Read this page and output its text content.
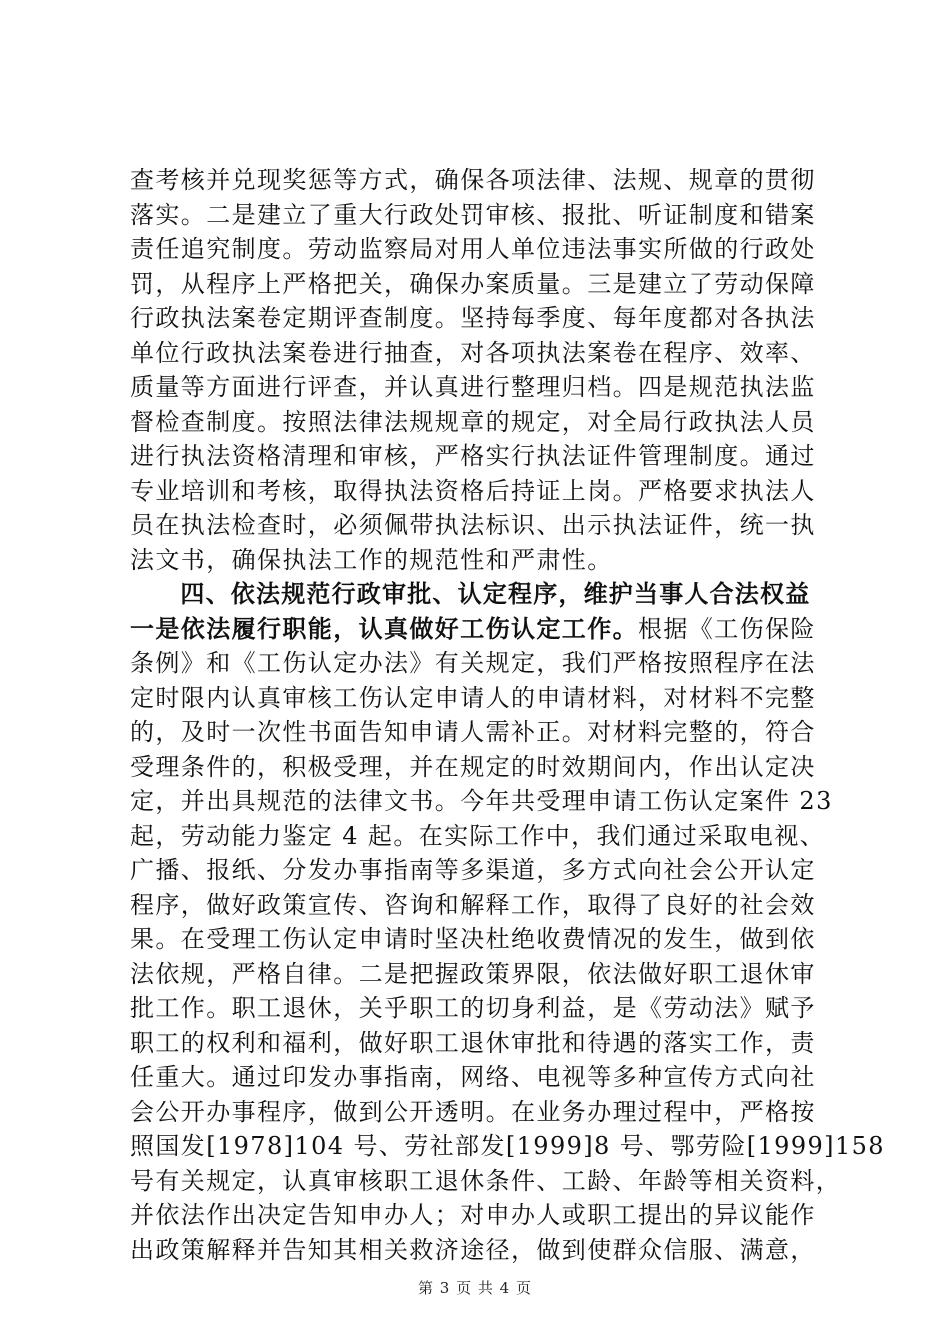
查考核并兑现奖惩等方式，确保各项法律、法规、规章的贯彻
落实。二是建立了重大行政处罚审核、报批、听证制度和错案
责任追究制度。劳动监察局对用人单位违法事实所做的行政处
罚，从程序上严格把关，确保办案质量。三是建立了劳动保障
行政执法案卷定期评查制度。坚持每季度、每年度都对各执法
单位行政执法案卷进行抽查，对各项执法案卷在程序、效率、
质量等方面进行评查，并认真进行整理归档。四是规范执法监
督检查制度。按照法律法规规章的规定，对全局行政执法人员
进行执法资格清理和审核，严格实行执法证件管理制度。通过
专业培训和考核，取得执法资格后持证上岗。严格要求执法人
员在执法检查时，必须佩带执法标识、出示执法证件，统一执
法文书，确保执法工作的规范性和严肃性。
　　四、依法规范行政审批、认定程序，维护当事人合法权益
一是依法履行职能，认真做好工伤认定工作。根据《工伤保险
条例》和《工伤认定办法》有关规定，我们严格按照程序在法
定时限内认真审核工伤认定申请人的申请材料，对材料不完整
的，及时一次性书面告知申请人需补正。对材料完整的，符合
受理条件的，积极受理，并在规定的时效期间内，作出认定决
定，并出具规范的法律文书。今年共受理申请工伤认定案件 23
起，劳动能力鉴定 4 起。在实际工作中，我们通过采取电视、
广播、报纸、分发办事指南等多渠道，多方式向社会公开认定
程序，做好政策宣传、咨询和解释工作，取得了良好的社会效
果。在受理工伤认定申请时坚决杜绝收费情况的发生，做到依
法依规，严格自律。二是把握政策界限，依法做好职工退休审
批工作。职工退休，关乎职工的切身利益，是《劳动法》赋予
职工的权利和福利，做好职工退休审批和待遇的落实工作，责
任重大。通过印发办事指南，网络、电视等多种宣传方式向社
会公开办事程序，做到公开透明。在业务办理过程中，严格按
照国发[1978]104 号、劳社部发[1999]8 号、鄂劳险[1999]158
号有关规定，认真审核职工退休条件、工龄、年龄等相关资料，
并依法作出决定告知申办人；对申办人或职工提出的异议能作
出政策解释并告知其相关救济途径，做到使群众信服、满意，
第 3 页 共 4 页
